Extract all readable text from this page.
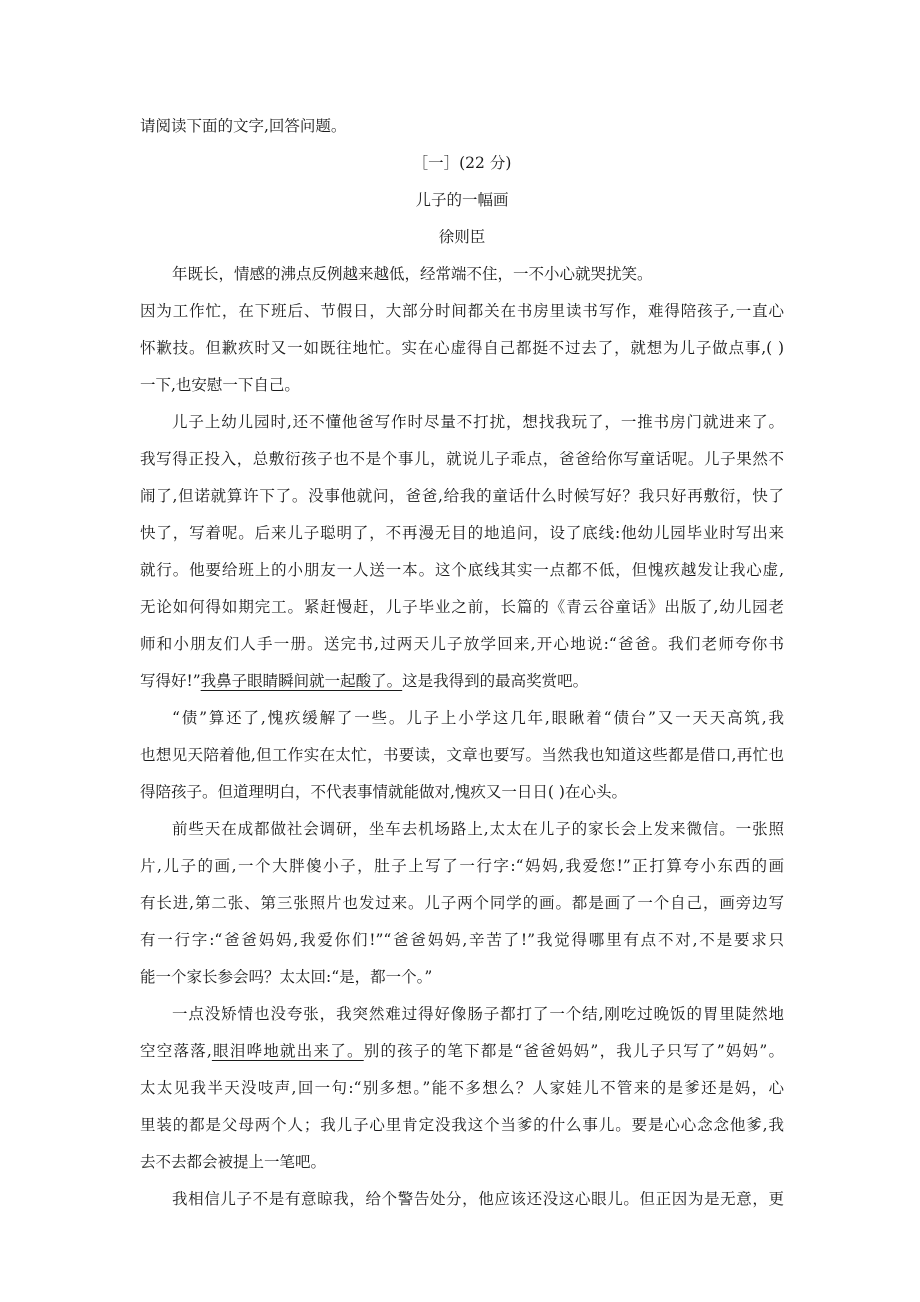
请阅读下面的文字,回答问题。
［一］(22 分)
儿子的一幅画
徐则臣
年既长，情感的沸点反例越来越低，经常端不住，一不小心就哭扰笑。
因为工作忙，在下班后、节假日，大部分时间都关在书房里读书写作，难得陪孩子,一直心
怀歉技。但歉疚时又一如既往地忙。实在心虚得自己都挺不过去了，就想为儿子做点事,( )
一下,也安慰一下自己。
儿子上幼儿园时,还不懂他爸写作时尽量不打扰，想找我玩了，一推书房门就进来了。
我写得正投入，总敷衍孩子也不是个事儿，就说儿子乖点，爸爸给你写童话呢。儿子果然不
闹了,但诺就算许下了。没事他就问，爸爸,给我的童话什么时候写好？我只好再敷衍，快了
快了，写着呢。后来儿子聪明了，不再漫无目的地追问，设了底线:他幼儿园毕业时写出来
就行。他要给班上的小朋友一人送一本。这个底线其实一点都不低，但愧疚越发让我心虚,
无论如何得如期完工。紧赶慢赶，儿子毕业之前，长篇的《青云谷童话》出版了,幼儿园老
师和小朋友们人手一册。送完书,过两天儿子放学回来,开心地说:“爸爸。我们老师夸你书
写得好!”我鼻子眼睛瞬间就一起酸了。这是我得到的最高奖赏吧。
“债”算还了,愧疚缓解了一些。儿子上小学这几年,眼瞅着“债台”又一天天高筑,我
也想见天陪着他,但工作实在太忙，书要读，文章也要写。当然我也知道这些都是借口,再忙也
得陪孩子。但道理明白，不代表事情就能做对,愧疚又一日日( )在心头。
前些天在成都做社会调研，坐车去机场路上,太太在儿子的家长会上发来微信。一张照
片,儿子的画,一个大胖傻小子，肚子上写了一行字:“妈妈,我爱您!”正打算夸小东西的画
有长进,第二张、第三张照片也发过来。儿子两个同学的画。都是画了一个自己，画旁边写
有一行字:“爸爸妈妈,我爱你们!”“爸爸妈妈,辛苦了!”我觉得哪里有点不对,不是要求只
能一个家长参会吗？太太回:“是，都一个。”
一点没矫情也没夸张，我突然难过得好像肠子都打了一个结,刚吃过晚饭的胃里陡然地
空空落落,眼泪哗地就出来了。别的孩子的笔下都是“爸爸妈妈”，我儿子只写了”妈妈”。
太太见我半天没吱声,回一句:“别多想。”能不多想么？人家娃儿不管来的是爹还是妈，心
里装的都是父母两个人；我儿子心里肯定没我这个当爹的什么事儿。要是心心念念他爹,我
去不去都会被提上一笔吧。
我相信儿子不是有意晾我，给个警告处分，他应该还没这心眼儿。但正因为是无意，更
